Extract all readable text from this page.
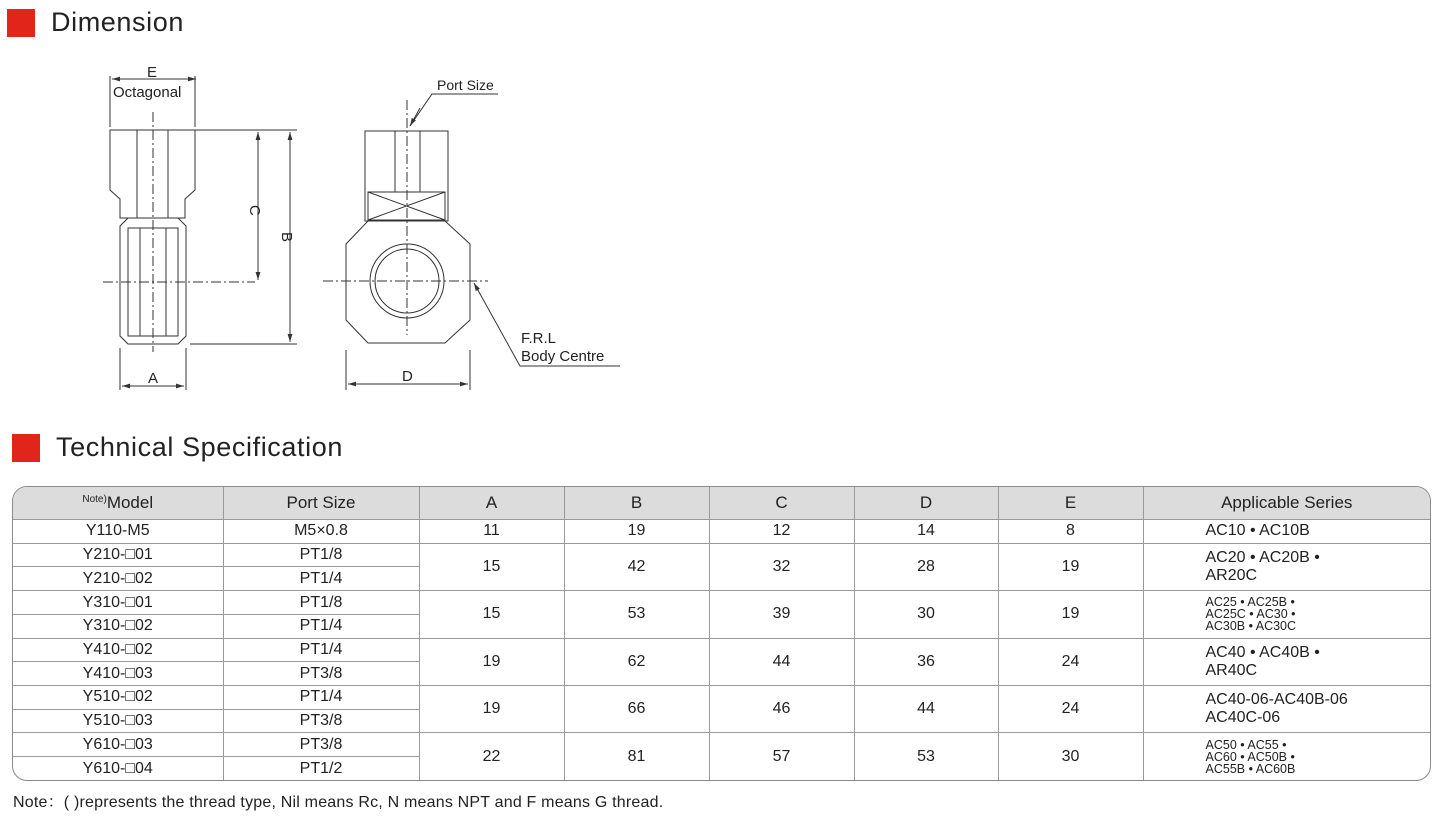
Dimension
E
Octagonal
C
B
A
Port Size
F.R.L
Body Centre
D
Technical Specification
$^{Note)}$Model	Port Size	A	B	C	D	E	Applicable Series
Y110-M5	M5×0.8	11	19	12	14	8	AC10 • AC10B
Y210-□01	PT1/8	15	42	32	28	19	AC20 • AC20B •
AR20C
Y210-□02	PT1/4						
Y310-□01	PT1/8	15	53	39	30	19	AC25 • AC25B •
AC25C • AC30 •
AC30B • AC30C
Y310-□02	PT1/4						
Y410-□02	PT1/4	19	62	44	36	24	AC40 • AC40B •
AR40C
Y410-□03	PT3/8						
Y510-□02	PT1/4	19	66	46	44	24	AC40-06-AC40B-06
AC40C-06
Y510-□03	PT3/8						
Y610-□03	PT3/8	22	81	57	53	30	AC50 • AC55 •
AC60 • AC50B •
AC55B • AC60B
Y610-□04	PT1/2						
Note：( )represents the thread type, Nil means Rc, N means NPT and F means G thread.
